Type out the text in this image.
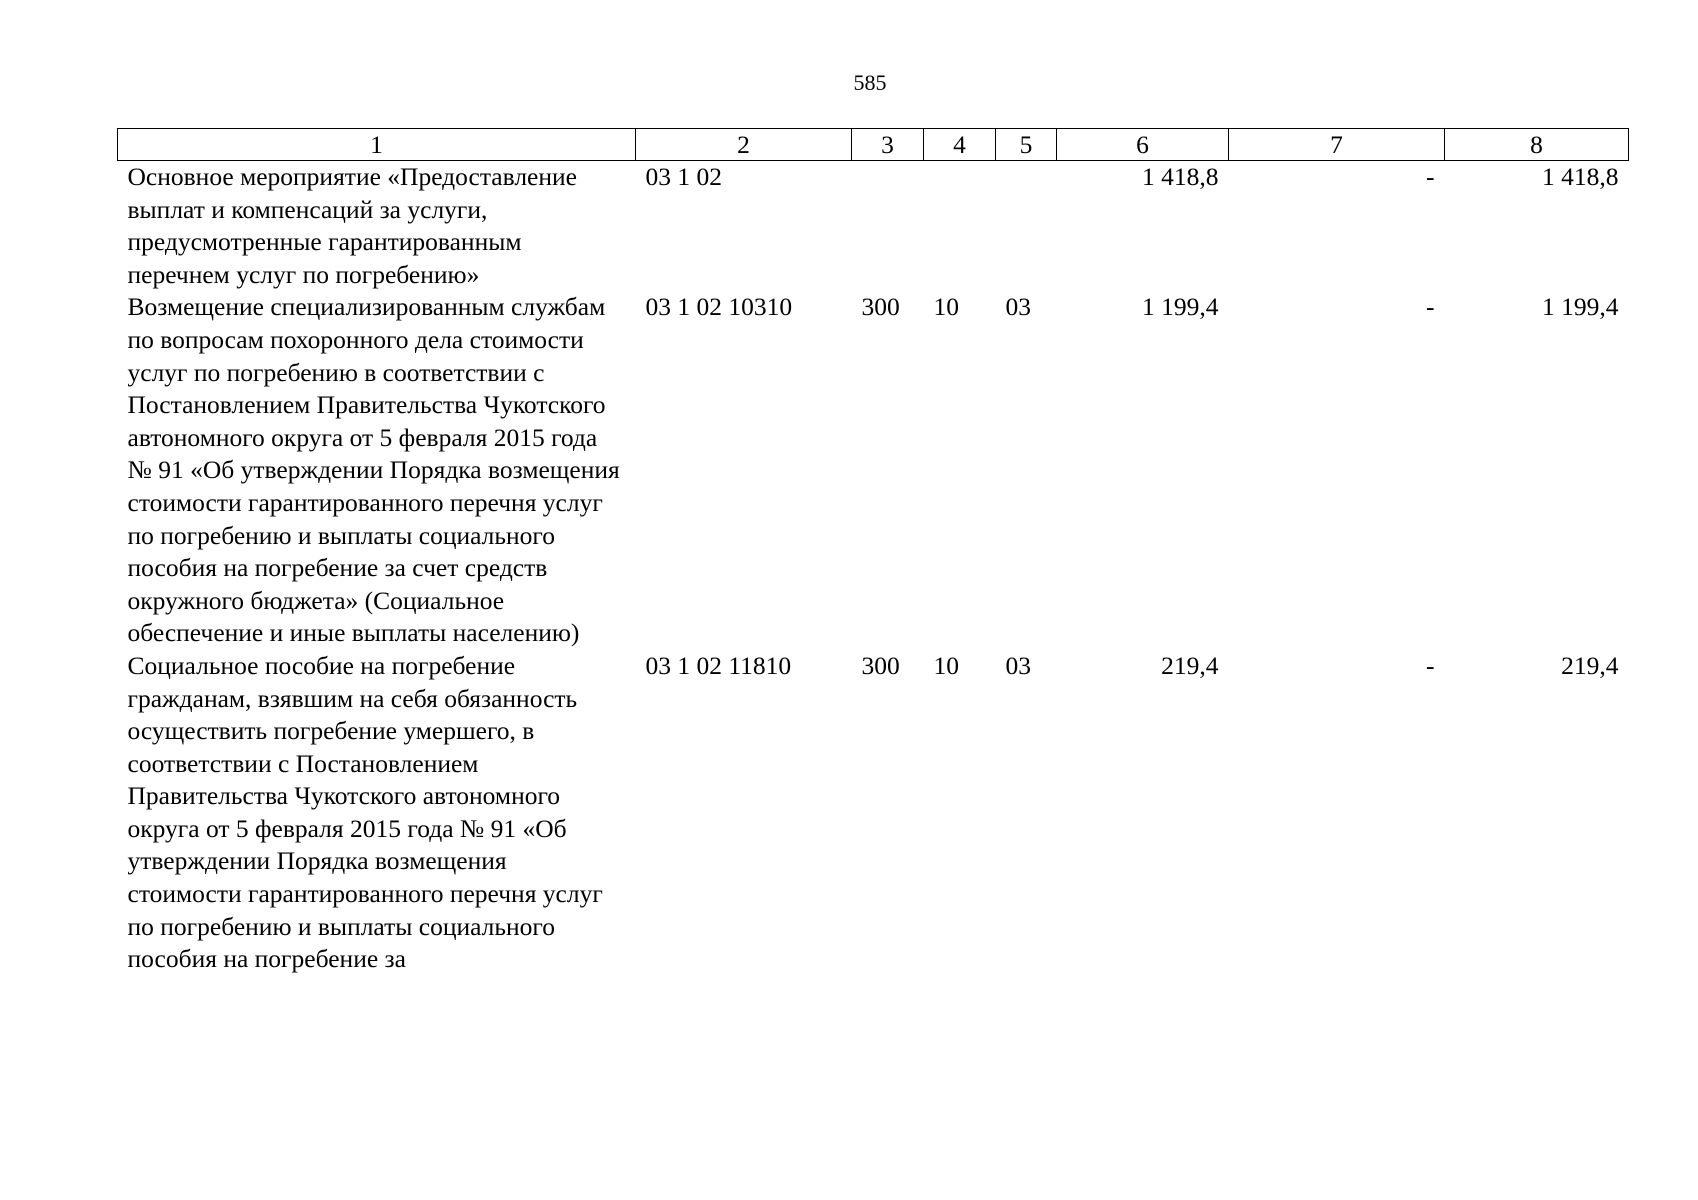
585
1	2	3	4	5	6	7	8
Основное мероприятие «Предоставление выплат и компенсаций за услуги, предусмотренные гарантированным перечнем услуг по погребению»	03 1 02				1 418,8	-	1 418,8
Возмещение специализированным службам по вопросам похоронного дела стоимости услуг по погребению в соответствии с Постановлением Правительства Чукотского автономного округа от 5 февраля 2015 года № 91 «Об утверждении Порядка возмещения стоимости гарантированного перечня услуг по погребению и выплаты социального пособия на погребение за счет средств окружного бюджета» (Социальное обеспечение и иные выплаты населению)	03 1 02 10310	300	10	03	1 199,4	-	1 199,4
Социальное пособие на погребение гражданам, взявшим на себя обязанность осуществить погребение умершего, в соответствии с Постановлением Правительства Чукотского автономного округа от 5 февраля 2015 года № 91 «Об утверждении Порядка возмещения стоимости гарантированного перечня услуг по погребению и выплаты социального пособия на погребение за	03 1 02 11810	300	10	03	219,4	-	219,4
